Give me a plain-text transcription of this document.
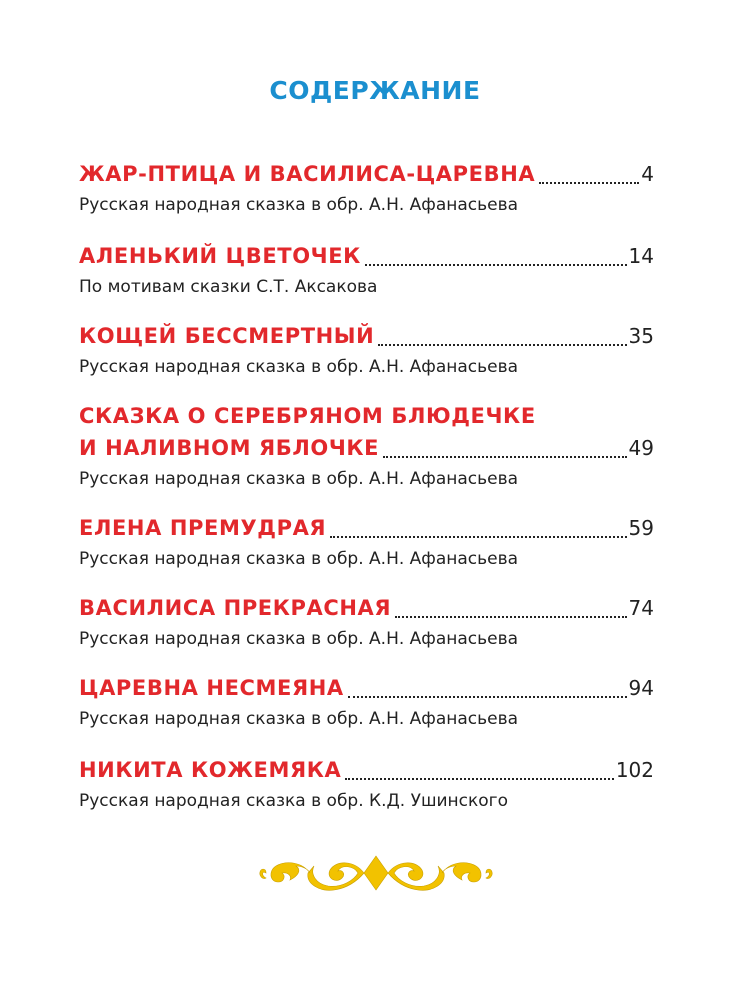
СОДЕРЖАНИЕ
ЖАР-ПТИЦА И ВАСИЛИСА-ЦАРЕВНА	4
Русская народная сказка в обр. А.Н. Афанасьева
АЛЕНЬКИЙ ЦВЕТОЧЕК	14
По мотивам сказки С.Т. Аксакова
КОЩЕЙ БЕССМЕРТНЫЙ	35
Русская народная сказка в обр. А.Н. Афанасьева
СКАЗКА О СЕРЕБРЯНОМ БЛЮДЕЧКЕ
И НАЛИВНОМ ЯБЛОЧКЕ	49
Русская народная сказка в обр. А.Н. Афанасьева
ЕЛЕНА ПРЕМУДРАЯ	59
Русская народная сказка в обр. А.Н. Афанасьева
ВАСИЛИСА ПРЕКРАСНАЯ	74
Русская народная сказка в обр. А.Н. Афанасьева
ЦАРЕВНА НЕСМЕЯНА	94
Русская народная сказка в обр. А.Н. Афанасьева
НИКИТА КОЖЕМЯКА	102
Русская народная сказка в обр. К.Д. Ушинского
